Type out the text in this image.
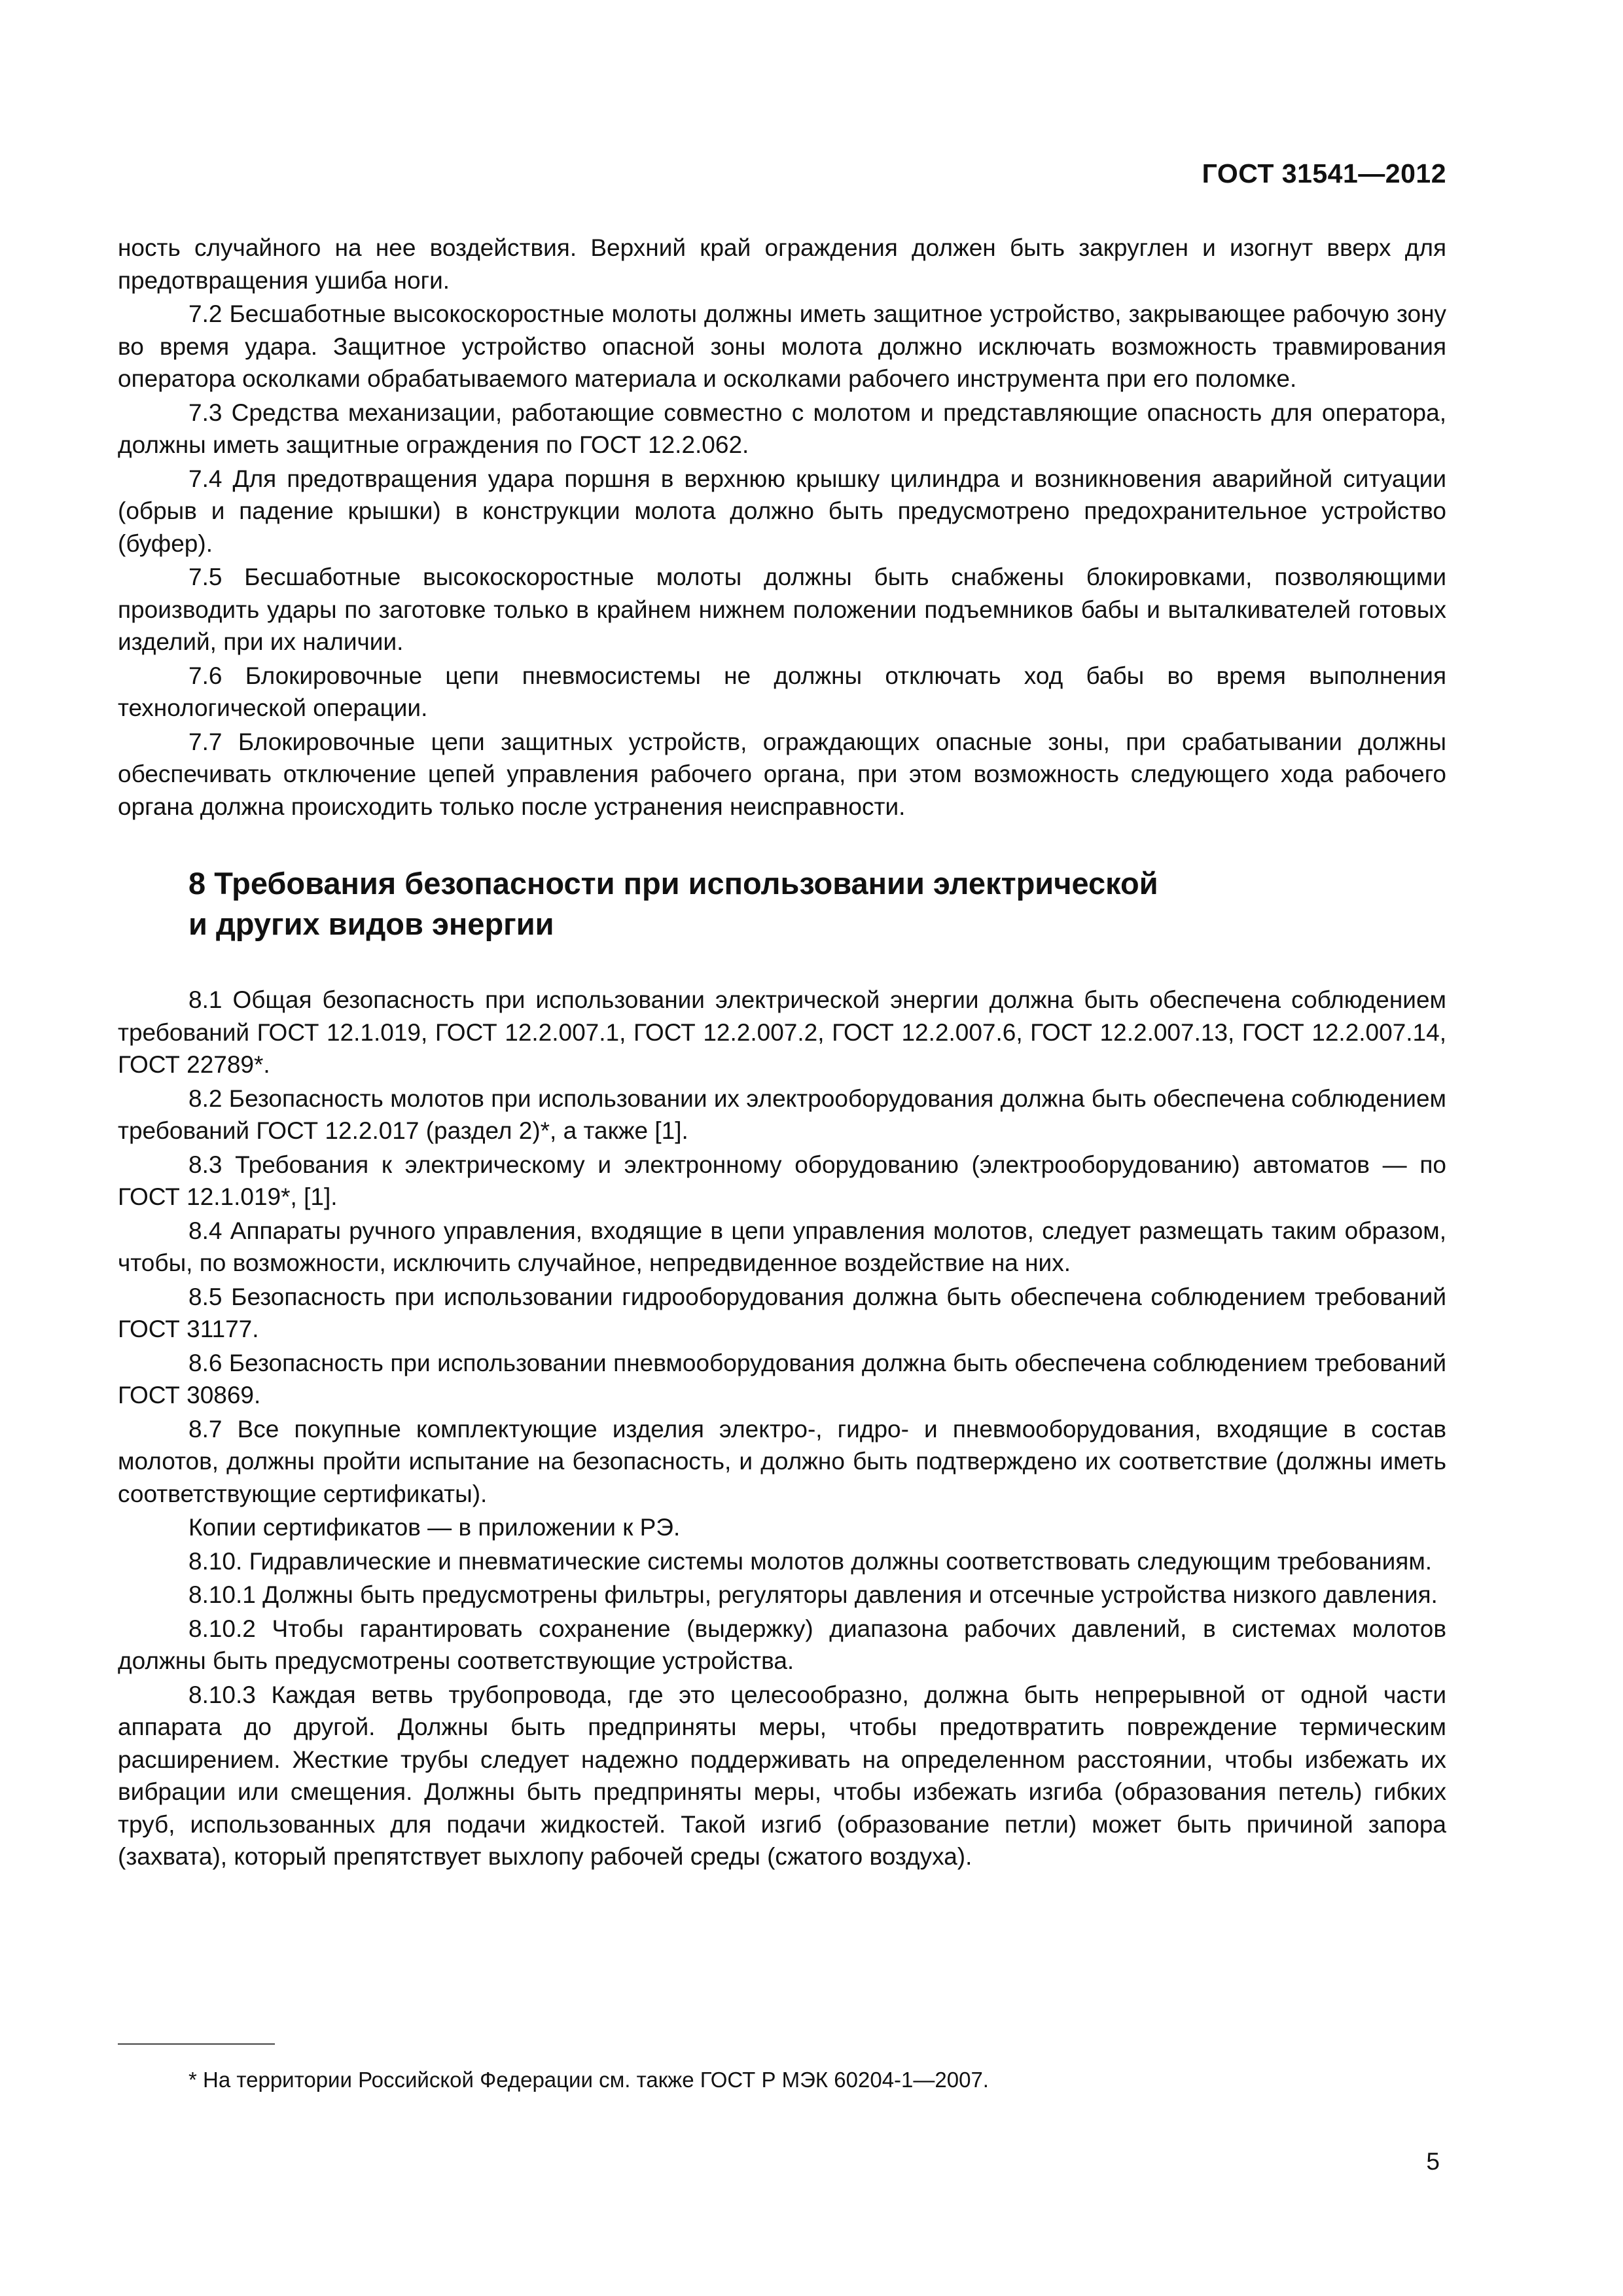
ГОСТ 31541—2012

ность случайного на нее воздействия. Верхний край ограждения должен быть закруглен и изогнут вверх для предотвращения ушиба ноги.

7.2 Бесшаботные высокоскоростные молоты должны иметь защитное устройство, закрывающее рабочую зону во время удара. Защитное устройство опасной зоны молота должно исключать возможность травмирования оператора осколками обрабатываемого материала и осколками рабочего инструмента при его поломке.

7.3 Средства механизации, работающие совместно с молотом и представляющие опасность для оператора, должны иметь защитные ограждения по ГОСТ 12.2.062.

7.4 Для предотвращения удара поршня в верхнюю крышку цилиндра и возникновения аварийной ситуации (обрыв и падение крышки) в конструкции молота должно быть предусмотрено предохранительное устройство (буфер).

7.5 Бесшаботные высокоскоростные молоты должны быть снабжены блокировками, позволяющими производить удары по заготовке только в крайнем нижнем положении подъемников бабы и выталкивателей готовых изделий, при их наличии.

7.6 Блокировочные цепи пневмосистемы не должны отключать ход бабы во время выполнения технологической операции.

7.7 Блокировочные цепи защитных устройств, ограждающих опасные зоны, при срабатывании должны обеспечивать отключение цепей управления рабочего органа, при этом возможность следующего хода рабочего органа должна происходить только после устранения неисправности.

8 Требования безопасности при использовании электрической
и других видов энергии

8.1 Общая безопасность при использовании электрической энергии должна быть обеспечена соблюдением требований ГОСТ 12.1.019, ГОСТ 12.2.007.1, ГОСТ 12.2.007.2, ГОСТ 12.2.007.6, ГОСТ 12.2.007.13, ГОСТ 12.2.007.14, ГОСТ 22789*.

8.2 Безопасность молотов при использовании их электрооборудования должна быть обеспечена соблюдением требований ГОСТ 12.2.017 (раздел 2)*, а также [1].

8.3 Требования к электрическому и электронному оборудованию (электрооборудованию) автоматов — по ГОСТ 12.1.019*, [1].

8.4 Аппараты ручного управления, входящие в цепи управления молотов, следует размещать таким образом, чтобы, по возможности, исключить случайное, непредвиденное воздействие на них.

8.5 Безопасность при использовании гидрооборудования должна быть обеспечена соблюдением требований ГОСТ 31177.

8.6 Безопасность при использовании пневмооборудования должна быть обеспечена соблюдением требований ГОСТ 30869.

8.7 Все покупные комплектующие изделия электро-, гидро- и пневмооборудования, входящие в состав молотов, должны пройти испытание на безопасность, и должно быть подтверждено их соответствие (должны иметь соответствующие сертификаты).

Копии сертификатов — в приложении к РЭ.

8.10. Гидравлические и пневматические системы молотов должны соответствовать следующим требованиям.

8.10.1 Должны быть предусмотрены фильтры, регуляторы давления и отсечные устройства низкого давления.

8.10.2 Чтобы гарантировать сохранение (выдержку) диапазона рабочих давлений, в системах молотов должны быть предусмотрены соответствующие устройства.

8.10.3 Каждая ветвь трубопровода, где это целесообразно, должна быть непрерывной от одной части аппарата до другой. Должны быть предприняты меры, чтобы предотвратить повреждение термическим расширением. Жесткие трубы следует надежно поддерживать на определенном расстоянии, чтобы избежать их вибрации или смещения. Должны быть предприняты меры, чтобы избежать изгиба (образования петель) гибких труб, использованных для подачи жидкостей. Такой изгиб (образование петли) может быть причиной запора (захвата), который препятствует выхлопу рабочей среды (сжатого воздуха).

* На территории Российской Федерации см. также ГОСТ Р МЭК 60204-1—2007.
5
